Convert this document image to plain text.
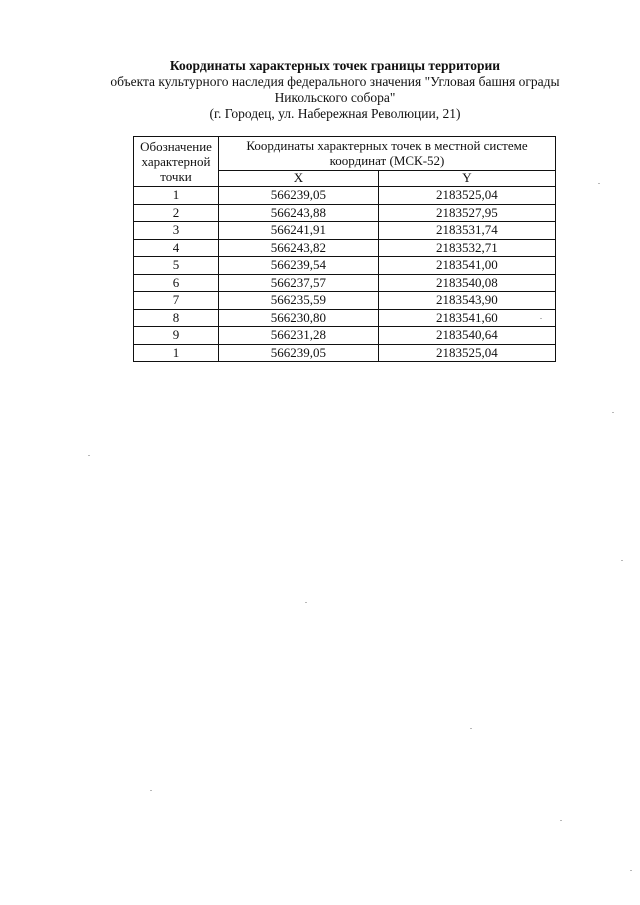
Координаты характерных точек границы территории
объекта культурного наследия федерального значения "Угловая башня ограды
Никольского собора"
(г. Городец, ул. Набережная Революции, 21)
Обозначение характерной точки	Координаты характерных точек в местной системе координат (МСК-52)	
	X	Y
1	566239,05	2183525,04
2	566243,88	2183527,95
3	566241,91	2183531,74
4	566243,82	2183532,71
5	566239,54	2183541,00
6	566237,57	2183540,08
7	566235,59	2183543,90
8	566230,80	2183541,60
9	566231,28	2183540,64
1	566239,05	2183525,04
